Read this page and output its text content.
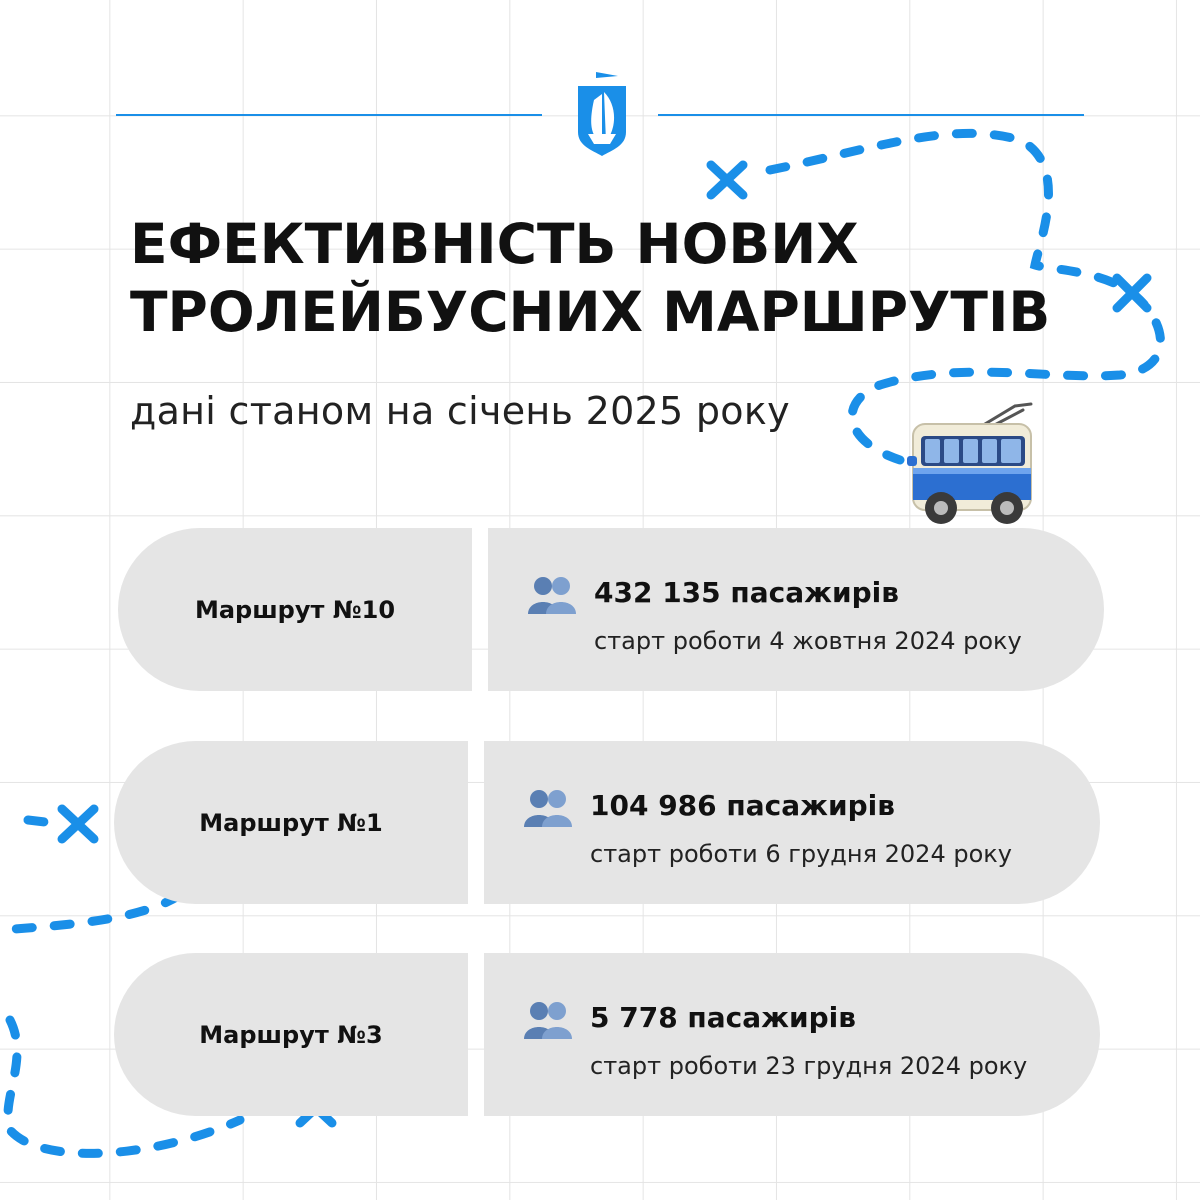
ЕФЕКТИВНІСТЬ НОВИХ
ТРОЛЕЙБУСНИХ МАРШРУТІВ

дані станом на січень 2025 року

Маршрут №10
432 135 пасажирів
старт роботи 4 жовтня 2024 року
Маршрут №1
104 986 пасажирів
старт роботи 6 грудня 2024 року
Маршрут №3
5 778 пасажирів
старт роботи 23 грудня 2024 року
